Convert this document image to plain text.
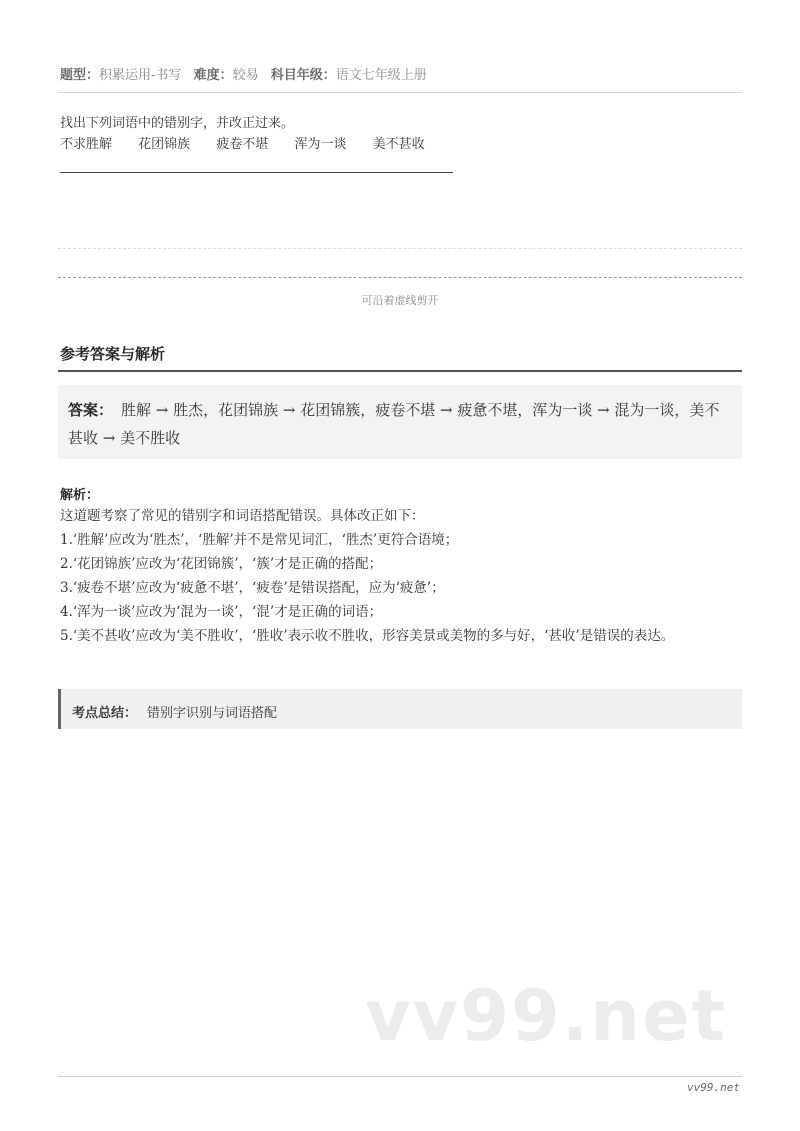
题型：积累运用-书写 难度：较易 科目年级：语文七年级上册
找出下列词语中的错别字，并改正过来。
不求胜解 花团锦族 疲卷不堪 浑为一谈 美不甚收
可沿着虚线剪开
参考答案与解析
答案： 胜解 → 胜杰，花团锦族 → 花团锦簇，疲卷不堪 → 疲惫不堪，浑为一谈 → 混为一谈，美不甚收 → 美不胜收
解析：
这道题考察了常见的错别字和词语搭配错误。具体改正如下：
1.‘胜解’应改为‘胜杰’，‘胜解’并不是常见词汇，‘胜杰’更符合语境；
2.‘花团锦族’应改为‘花团锦簇’，‘簇’才是正确的搭配；
3.‘疲卷不堪’应改为‘疲惫不堪’，‘疲卷’是错误搭配，应为‘疲惫’；
4.‘浑为一谈’应改为‘混为一谈’，‘混’才是正确的词语；
5.‘美不甚收’应改为‘美不胜收’，‘胜收’表示收不胜收，形容美景或美物的多与好，‘甚收’是错误的表达。
考点总结： 错别字识别与词语搭配
vv99.net
vv99.net
